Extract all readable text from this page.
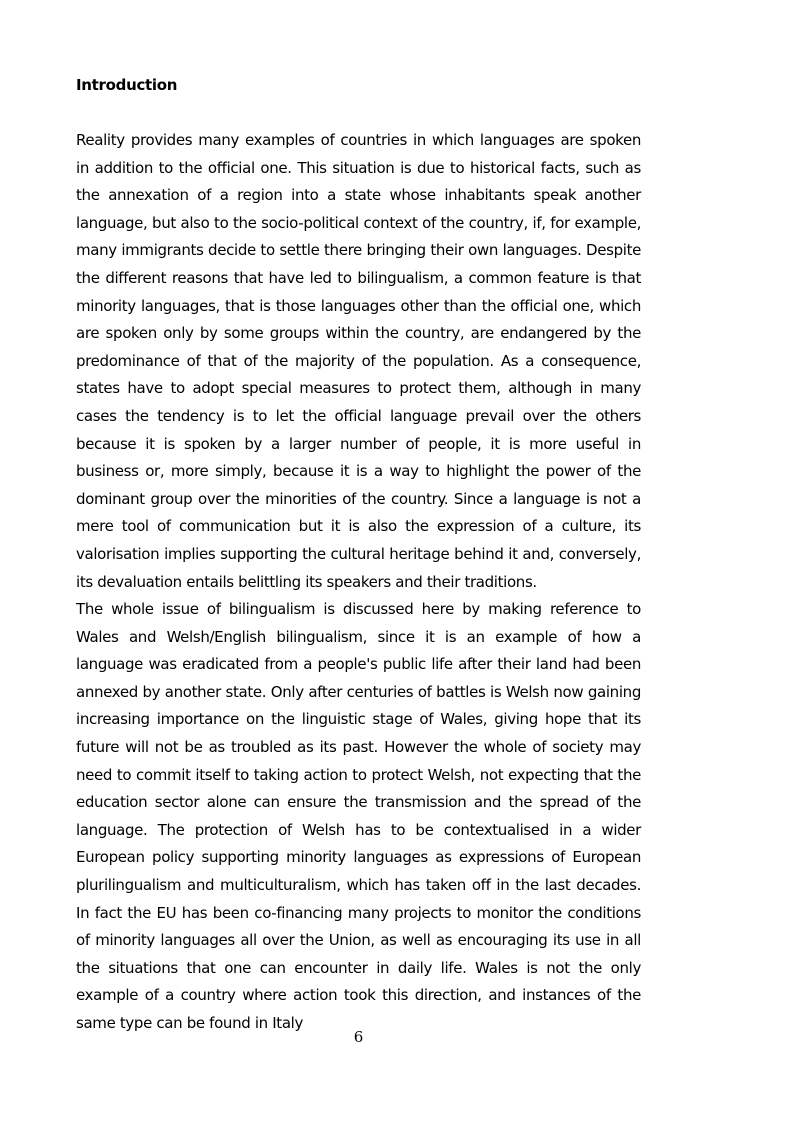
Introduction

Reality provides many examples of countries in which languages are spoken in addition to the official one. This situation is due to historical facts, such as the annexation of a region into a state whose inhabitants speak another language, but also to the socio-political context of the country, if, for example, many immigrants decide to settle there bringing their own languages. Despite the different reasons that have led to bilingualism, a common feature is that minority languages, that is those languages other than the official one, which are spoken only by some groups within the country, are endangered by the predominance of that of the majority of the population. As a consequence, states have to adopt special measures to protect them, although in many cases the tendency is to let the official language prevail over the others because it is spoken by a larger number of people, it is more useful in business or, more simply, because it is a way to highlight the power of the dominant group over the minorities of the country. Since a language is not a mere tool of communication but it is also the expression of a culture, its valorisation implies supporting the cultural heritage behind it and, conversely, its devaluation entails belittling its speakers and their traditions.

The whole issue of bilingualism is discussed here by making reference to Wales and Welsh/English bilingualism, since it is an example of how a language was eradicated from a people's public life after their land had been annexed by another state. Only after centuries of battles is Welsh now gaining increasing importance on the linguistic stage of Wales, giving hope that its future will not be as troubled as its past. However the whole of society may need to commit itself to taking action to protect Welsh, not expecting that the education sector alone can ensure the transmission and the spread of the language. The protection of Welsh has to be contextualised in a wider European policy supporting minority languages as expressions of European plurilingualism and multiculturalism, which has taken off in the last decades. In fact the EU has been co-financing many projects to monitor the conditions of minority languages all over the Union, as well as encouraging its use in all the situations that one can encounter in daily life. Wales is not the only example of a country where action took this direction, and instances of the same type can be found in Italy

6
